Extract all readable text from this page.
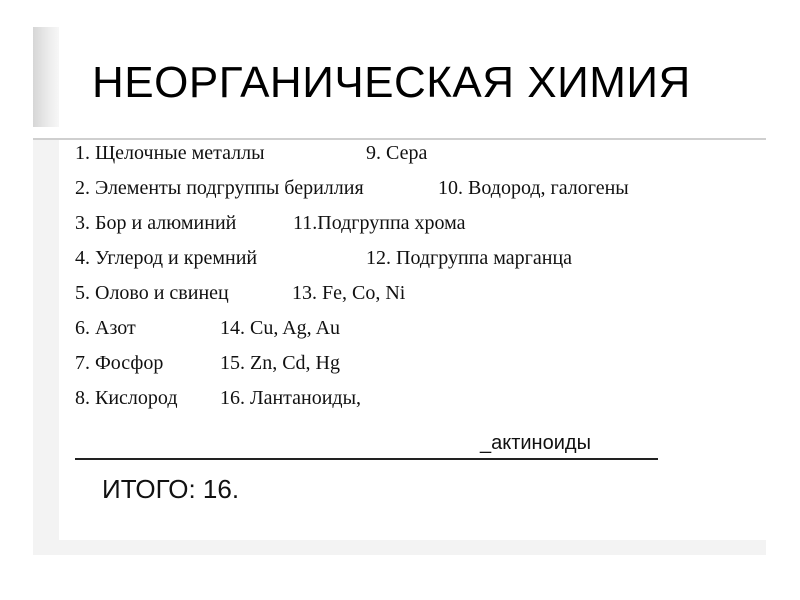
НЕОРГАНИЧЕСКАЯ ХИМИЯ
1. Щелочные металлы	9. Сера
2. Элементы подгруппы бериллия	10. Водород, галогены
3. Бор и алюминий	11.Подгруппа хрома
4. Углерод и кремний	12. Подгруппа марганца
5. Олово и свинец	13. Fe, Co, Ni
6. Азот	14. Cu, Ag, Au
7. Фосфор	15. Zn, Cd, Hg
8. Кислород 16. Лантаноиды,
_актиноиды
ИТОГО: 16.
